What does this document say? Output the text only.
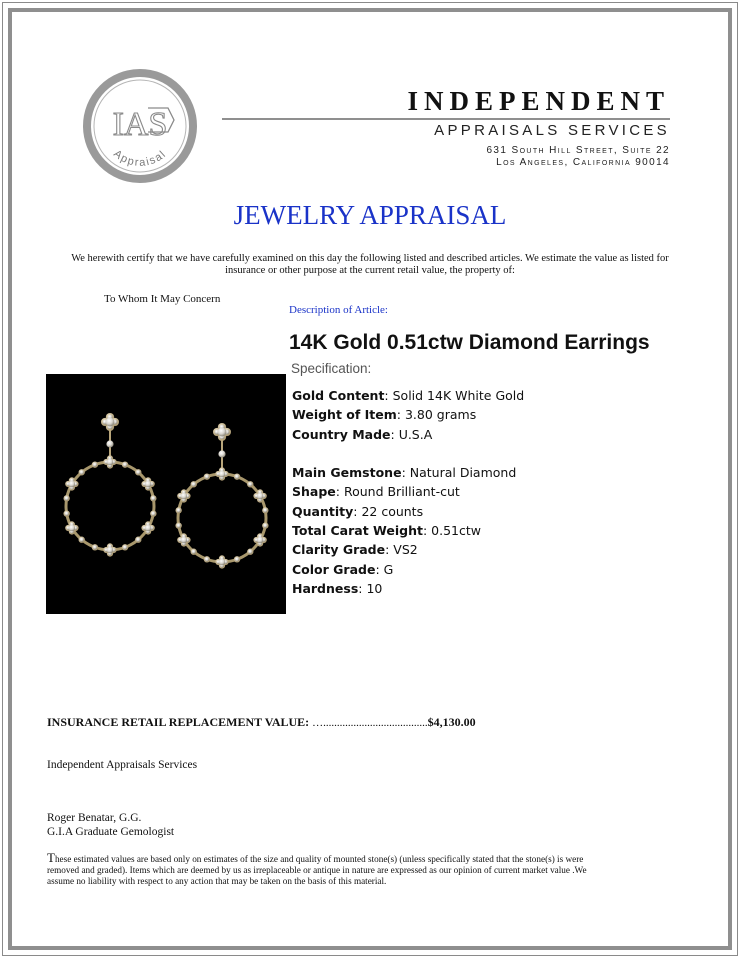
IAS
Appraisal
INDEPENDENT
APPRAISALS SERVICES
631 South Hill Street, Suite 22
Los Angeles, California 90014
JEWELRY APPRAISAL
We herewith certify that we have carefully examined on this day the following listed and described articles. We estimate the value as listed for insurance or other purpose at the current retail value, the property of:
To Whom It May Concern
Description of Article:
14K Gold 0.51ctw Diamond Earrings
Specification:
Gold Content: Solid 14K White Gold
Weight of Item: 3.80 grams
Country Made: U.S.A
Main Gemstone: Natural Diamond
Shape: Round Brilliant-cut
Quantity: 22 counts
Total Carat Weight: 0.51ctw
Clarity Grade: VS2
Color Grade: G
Hardness: 10
INSURANCE RETAIL REPLACEMENT VALUE: …......................................$4,130.00
Independent Appraisals Services
Roger Benatar, G.G.
G.I.A Graduate Gemologist
These estimated values are based only on estimates of the size and quality of mounted stone(s) (unless specifically stated that the stone(s) is were removed and graded). Items which are deemed by us as irreplaceable or antique in nature are expressed as our opinion of current market value .We assume no liability with respect to any action that may be taken on the basis of this material.
